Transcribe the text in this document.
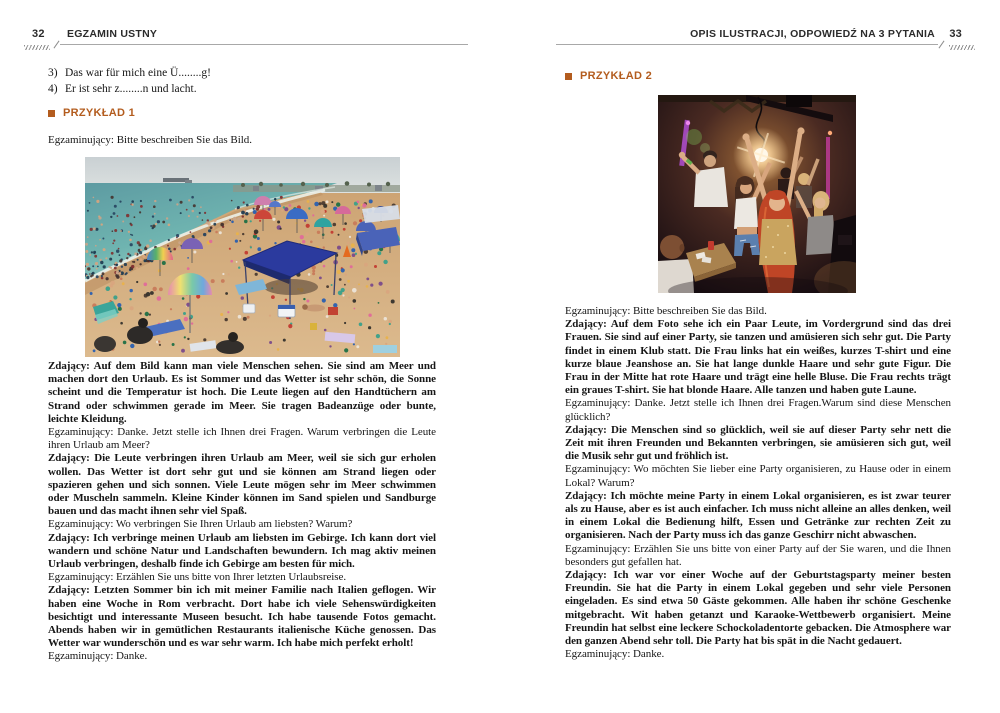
32 EGZAMIN USTNY
3) Das war für mich eine Ü........g!
4) Er ist sehr z........n und lacht.
PRZYKŁAD 1
Egzaminujący: Bitte beschreiben Sie das Bild.

Zdający: Auf dem Bild kann man viele Menschen sehen. Sie sind am Meer und machen dort den Urlaub. Es ist Sommer und das Wetter ist sehr schön, die Sonne scheint und die Temperatur ist hoch. Die Leute liegen auf den Handtüchern am Strand oder schwimmen gerade im Meer. Sie tragen Badeanzüge oder bunte, leichte Kleidung.

Egzaminujący: Danke. Jetzt stelle ich Ihnen drei Fragen. Warum verbringen die Leute ihren Urlaub am Meer?

Zdający: Die Leute verbringen ihren Urlaub am Meer, weil sie sich gur erholen wollen. Das Wetter ist dort sehr gut und sie können am Strand liegen oder spazieren gehen und sich sonnen. Viele Leute mögen sehr im Meer schwimmen oder Muscheln sammeln. Kleine Kinder können im Sand spielen und Sandburge bauen und das macht ihnen sehr viel Spaß.

Egzaminujący: Wo verbringen Sie Ihren Urlaub am liebsten? Warum?

Zdający: Ich verbringe meinen Urlaub am liebsten im Gebirge. Ich kann dort viel wandern und schöne Natur und Landschaften bewundern. Ich mag aktiv meinen Urlaub verbringen, deshalb finde ich Gebirge am besten für mich.

Egzaminujący: Erzählen Sie uns bitte von Ihrer letzten Urlaubsreise.

Zdający: Letzten Sommer bin ich mit meiner Familie nach Italien geflogen. Wir haben eine Woche in Rom verbracht. Dort habe ich viele Sehenswürdigkeiten besichtigt und interessante Museen besucht. Ich habe tausende Fotos gemacht. Abends haben wir in gemütlichen Restaurants italienische Küche genossen. Das Wetter war wunderschön und es war sehr warm. Ich habe mich perfekt erholt!

Egzaminujący: Danke.

OPIS ILUSTRACJI, ODPOWIEDŹ NA 3 PYTANIA 33
PRZYKŁAD 2

Egzaminujący: Bitte beschreiben Sie das Bild.

Zdający: Auf dem Foto sehe ich ein Paar Leute, im Vordergrund sind das drei Frauen. Sie sind auf einer Party, sie tanzen und amüsieren sich sehr gut. Die Party findet in einem Klub statt. Die Frau links hat ein weißes, kurzes T-shirt und eine kurze blaue Jeanshose an. Sie hat lange dunkle Haare und sehr gute Figur. Die Frau in der Mitte hat rote Haare und trägt eine helle Bluse. Die Frau rechts trägt ein graues T-shirt. Sie hat blonde Haare. Alle tanzen und haben gute Laune.

Egzaminujący: Danke. Jetzt stelle ich Ihnen drei Fragen.Warum sind diese Menschen glücklich?

Zdający: Die Menschen sind so glücklich, weil sie auf dieser Party sehr nett die Zeit mit ihren Freunden und Bekannten verbringen, sie amüsieren sich gut, weil die Musik sehr gut und fröhlich ist.

Egzaminujący: Wo möchten Sie lieber eine Party organisieren, zu Hause oder in einem Lokal? Warum?

Zdający: Ich möchte meine Party in einem Lokal organisieren, es ist zwar teurer als zu Hause, aber es ist auch einfacher. Ich muss nicht alleine an alles denken, weil in einem Lokal die Bedienung hilft, Essen und Getränke zur rechten Zeit zu organisieren. Nach der Party muss ich das ganze Geschirr nicht abwaschen.

Egzaminujący: Erzählen Sie uns bitte von einer Party auf der Sie waren, und die Ihnen besonders gut gefallen hat.

Zdający: Ich war vor einer Woche auf der Geburtstagsparty meiner besten Freundin. Sie hat die Party in einem Lokal gegeben und sehr viele Personen eingeladen. Es sind etwa 50 Gäste gekommen. Alle haben ihr schöne Geschenke mitgebracht. Wit haben getanzt und Karaoke-Wettbewerb organisiert. Meine Freundin hat selbst eine leckere Schockoladentorte gebacken. Die Atmosphere war den ganzen Abend sehr toll. Die Party hat bis spät in die Nacht gedauert.

Egzaminujący: Danke.
